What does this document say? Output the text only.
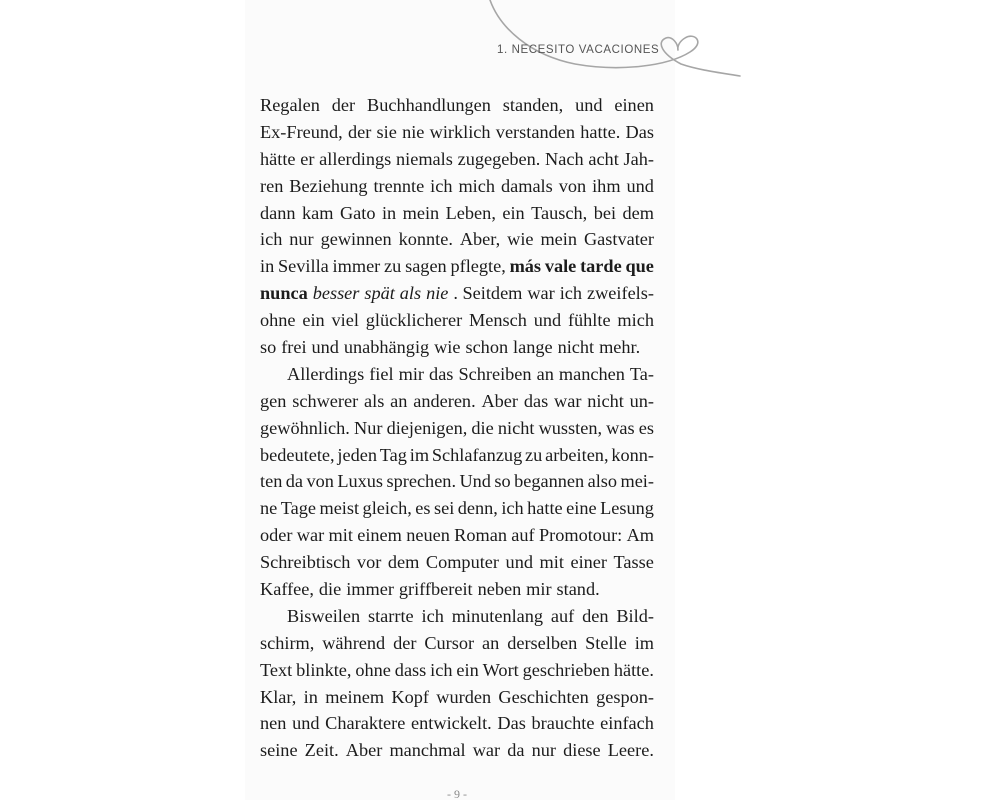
1. NECESITO VACACIONES
Regalen der Buchhandlungen standen, und einen
Ex-Freund, der sie nie wirklich verstanden hatte. Das
hätte er allerdings niemals zugegeben. Nach acht Jah-
ren Beziehung trennte ich mich damals von ihm und
dann kam Gato in mein Leben, ein Tausch, bei dem
ich nur gewinnen konnte. Aber, wie mein Gastvater
in Sevilla immer zu sagen pflegte, más vale tarde que
nunca besser spät als nie . Seitdem war ich zweifels-
ohne ein viel glücklicherer Mensch und fühlte mich
so frei und unabhängig wie schon lange nicht mehr.
Allerdings fiel mir das Schreiben an manchen Ta-
gen schwerer als an anderen. Aber das war nicht un-
gewöhnlich. Nur diejenigen, die nicht wussten, was es
bedeutete, jeden Tag im Schlafanzug zu arbeiten, konn-
ten da von Luxus sprechen. Und so begannen also mei-
ne Tage meist gleich, es sei denn, ich hatte eine Lesung
oder war mit einem neuen Roman auf Promotour: Am
Schreibtisch vor dem Computer und mit einer Tasse
Kaffee, die immer griffbereit neben mir stand.
Bisweilen starrte ich minutenlang auf den Bild-
schirm, während der Cursor an derselben Stelle im
Text blinkte, ohne dass ich ein Wort geschrieben hätte.
Klar, in meinem Kopf wurden Geschichten gespon-
nen und Charaktere entwickelt. Das brauchte einfach
seine Zeit. Aber manchmal war da nur diese Leere.
- 9 -
